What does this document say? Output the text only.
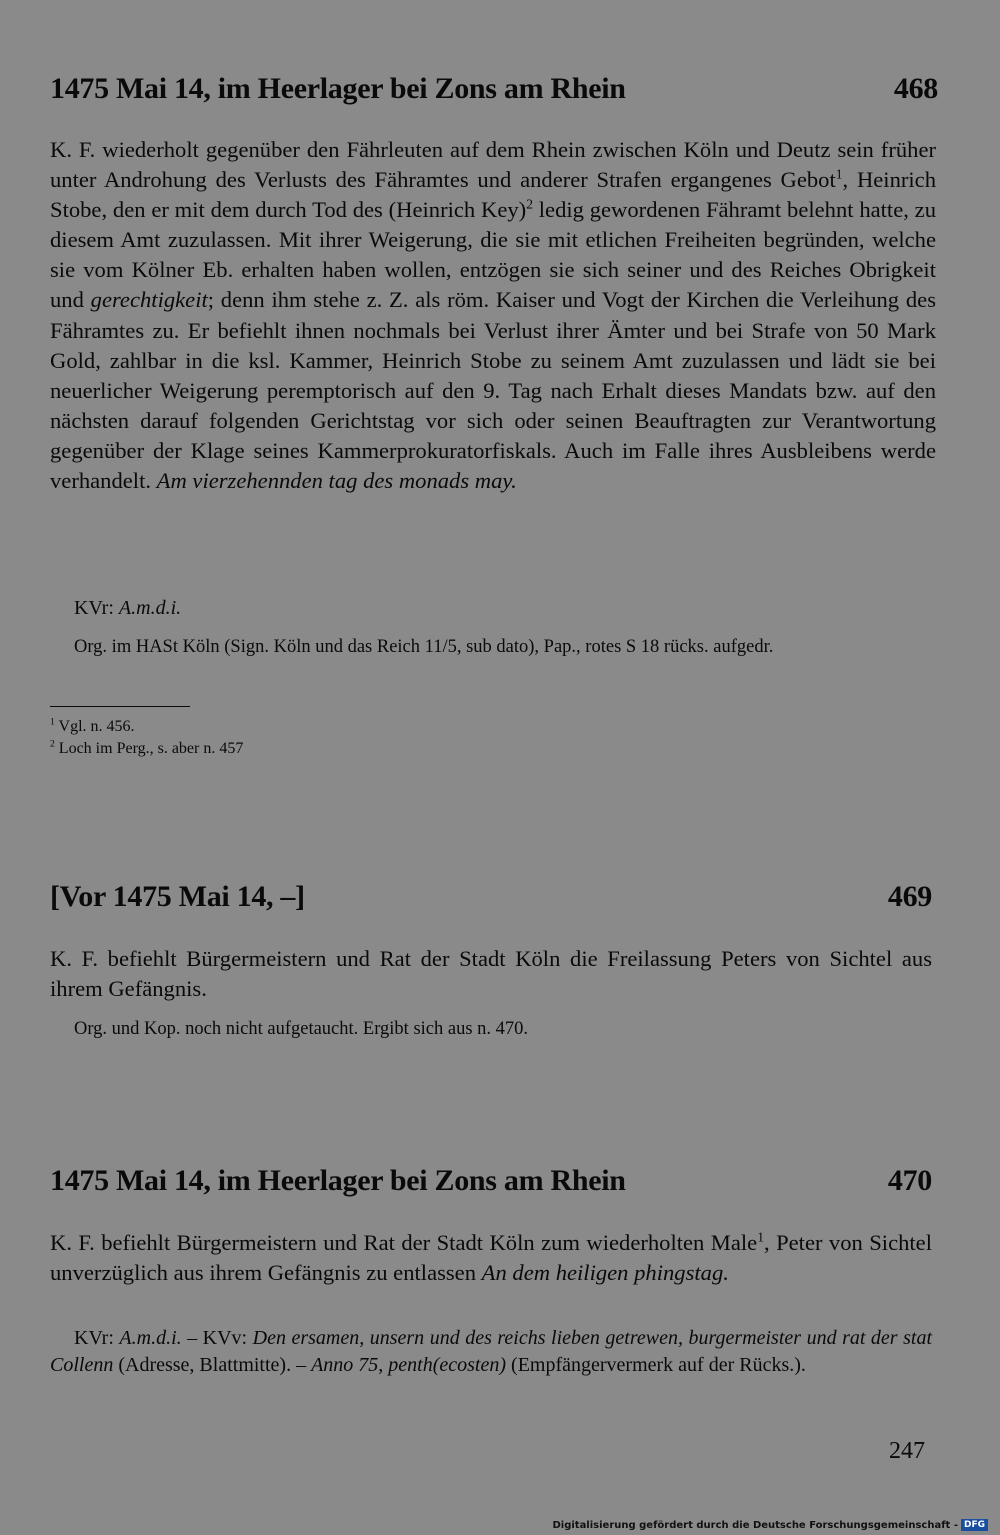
1475 Mai 14, im Heerlager bei Zons am Rhein	468

K. F. wiederholt gegenüber den Fährleuten auf dem Rhein zwischen Köln und Deutz sein früher unter Androhung des Verlusts des Fähramtes und anderer Strafen ergangenes Gebot$^1$, Heinrich Stobe, den er mit dem durch Tod des (Heinrich Key)$^2$ ledig gewordenen Fähramt belehnt hatte, zu diesem Amt zuzulassen. Mit ihrer Weigerung, die sie mit etlichen Freiheiten begründen, welche sie vom Kölner Eb. erhalten haben wollen, entzögen sie sich seiner und des Reiches Obrigkeit und gerechtigkeit; denn ihm stehe z. Z. als röm. Kaiser und Vogt der Kirchen die Verleihung des Fähramtes zu. Er befiehlt ihnen nochmals bei Verlust ihrer Ämter und bei Strafe von 50 Mark Gold, zahlbar in die ksl. Kammer, Heinrich Stobe zu seinem Amt zuzulassen und lädt sie bei neuerlicher Weigerung peremptorisch auf den 9. Tag nach Erhalt dieses Mandats bzw. auf den nächsten darauf folgenden Gerichtstag vor sich oder seinen Beauftragten zur Verantwortung gegenüber der Klage seines Kammerprokuratorfiskals. Auch im Falle ihres Ausbleibens werde verhandelt. Am vierzehennden tag des monads may.

KVr: A.m.d.i.

Org. im HASt Köln (Sign. Köln und das Reich 11/5, sub dato), Pap., rotes S 18 rücks. aufgedr.

$^1$ Vgl. n. 456.
$^2$ Loch im Perg., s. aber n. 457
[Vor 1475 Mai 14, –]	469

K. F. befiehlt Bürgermeistern und Rat der Stadt Köln die Freilassung Peters von Sichtel aus ihrem Gefängnis.

Org. und Kop. noch nicht aufgetaucht. Ergibt sich aus n. 470.

1475 Mai 14, im Heerlager bei Zons am Rhein	470

K. F. befiehlt Bürgermeistern und Rat der Stadt Köln zum wiederholten Male$^1$, Peter von Sichtel unverzüglich aus ihrem Gefängnis zu entlassen An dem heiligen phingstag.

KVr: A.m.d.i. – KVv: Den ersamen, unsern und des reichs lieben getrewen, burgermeister und rat der stat Collenn (Adresse, Blattmitte). – Anno 75, penth(ecosten) (Empfängervermerk auf der Rücks.).

247
Digitalisierung gefördert durch die Deutsche Forschungsgemeinschaft - DFG
